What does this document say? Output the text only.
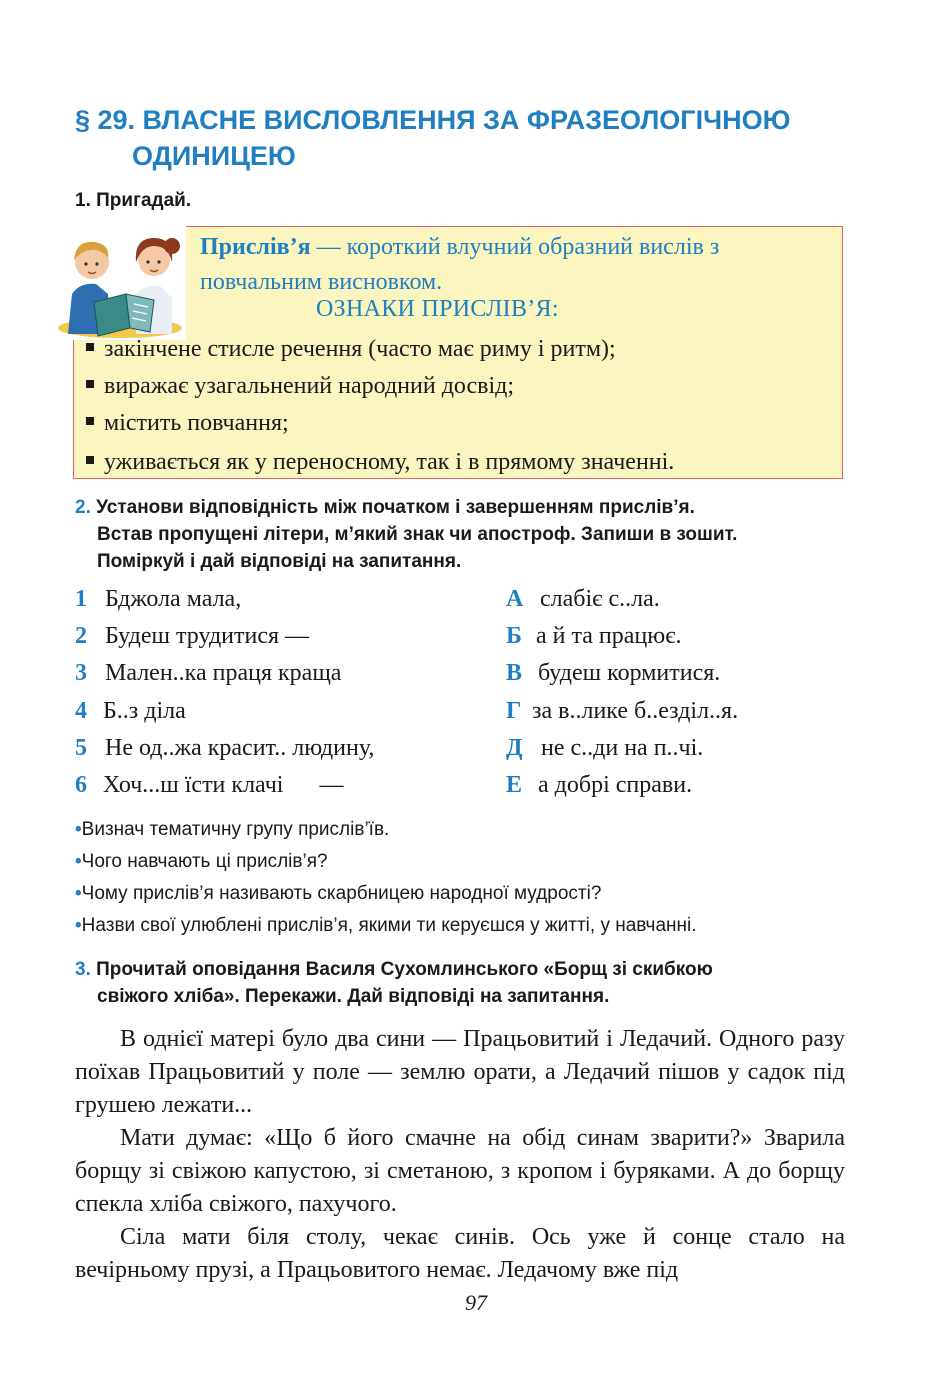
§ 29. ВЛАСНЕ ВИСЛОВЛЕННЯ ЗА ФРАЗЕОЛОГІЧНОЮ
ОДИНИЦЕЮ
1. Пригадай.
Прислів’я — короткий влучний образний вислів з повчальним висновком.
ОЗНАКИ ПРИСЛІВ’Я:
закінчене стисле речення (часто має риму і ритм);
виражає узагальнений народний досвід;
містить повчання;
уживається як у переносному, так і в прямому значенні.
2. Установи відповідність між початком і завершенням прислів’я.
Встав пропущені літери, м’який знак чи апостроф. Запиши в зошит.
Поміркуй і дай відповіді на запитання.
1 Бджола мала,
2 Будеш трудитися —
3 Мален..ка праця краща
4 Б..з діла
5 Не од..жа красит.. людину,
6 Хоч...ш їсти клачі      —
А слабіє с..ла.
Б а й та працює.
В будеш кормитися.
Г за в..лике б..езділ..я.
Д не с..ди на п..чі.
Е а добрі справи.
•Визнач тематичну групу прислів’їв.
•Чого навчають ці прислів’я?
•Чому прислів’я називають скарбницею народної мудрості?
•Назви свої улюблені прислів’я, якими ти керуєшся у житті, у навчанні.
3. Прочитай оповідання Василя Сухомлинського «Борщ зі скибкою
свіжого хліба». Перекажи. Дай відповіді на запитання.

В однієї матері було два сини — Працьовитий і Ледачий. Одного разу поїхав Працьовитий у поле — землю орати, а Ледачий пішов у садок під грушею лежати...

Мати думає: «Що б його смачне на обід синам зварити?» Зварила борщу зі свіжою капустою, зі сметаною, з кропом і буряками. А до борщу спекла хліба свіжого, пахучого.

Сіла мати біля столу, чекає синів. Ось уже й сонце стало на вечірньому прузі, а Працьовитого немає. Ледачому вже під

97
